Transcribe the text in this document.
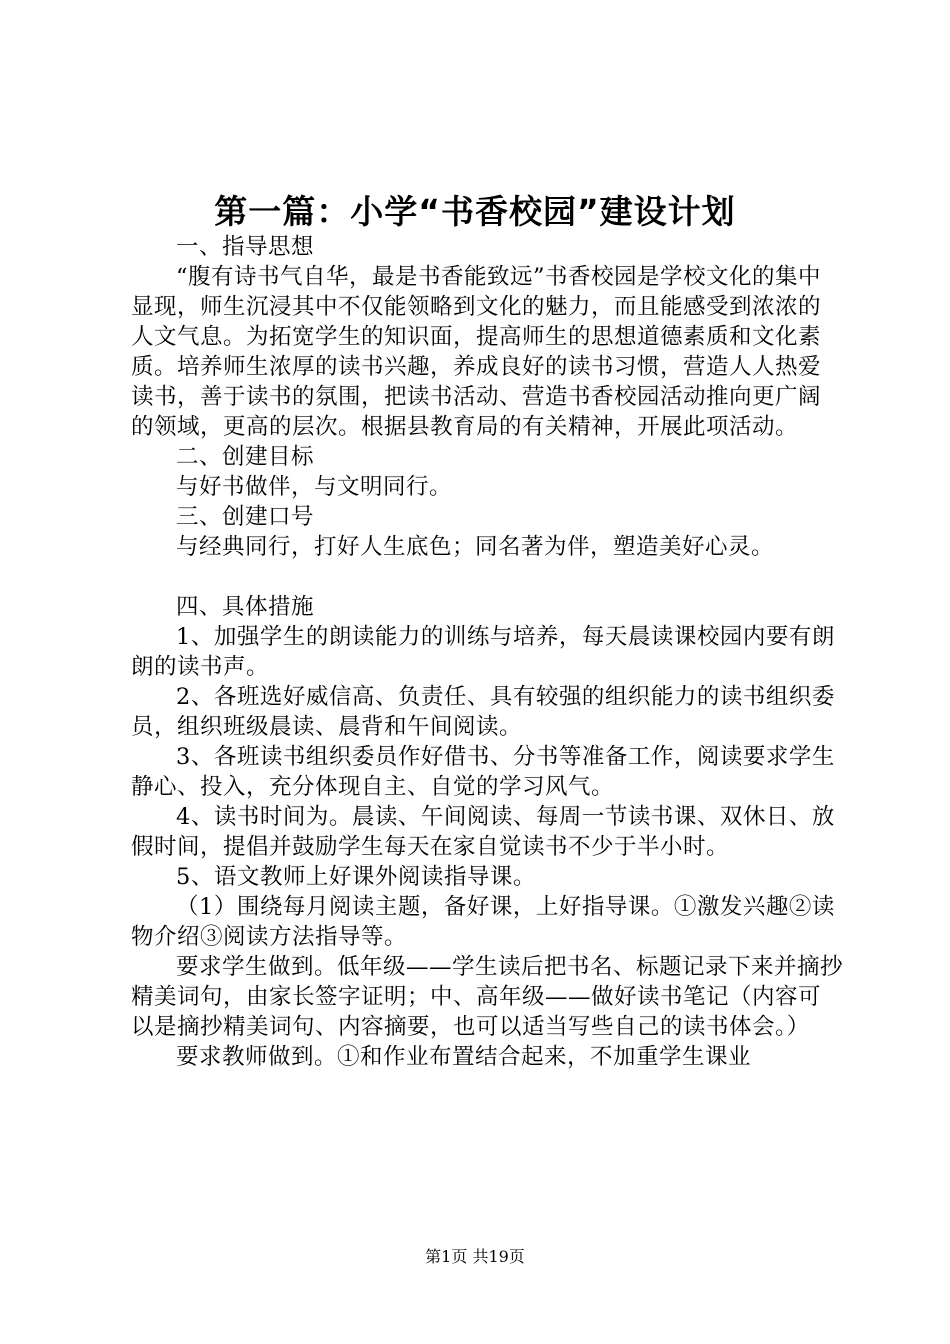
第一篇：小学“书香校园”建设计划

一、指导思想

“腹有诗书气自华，最是书香能致远”书香校园是学校文化的集中显现，师生沉浸其中不仅能领略到文化的魅力，而且能感受到浓浓的人文气息。为拓宽学生的知识面，提高师生的思想道德素质和文化素质。培养师生浓厚的读书兴趣，养成良好的读书习惯，营造人人热爱读书，善于读书的氛围，把读书活动、营造书香校园活动推向更广阔的领域，更高的层次。根据县教育局的有关精神，开展此项活动。

二、创建目标

与好书做伴，与文明同行。

三、创建口号

与经典同行，打好人生底色；同名著为伴，塑造美好心灵。

四、具体措施

1、加强学生的朗读能力的训练与培养，每天晨读课校园内要有朗朗的读书声。

2、各班选好威信高、负责任、具有较强的组织能力的读书组织委员，组织班级晨读、晨背和午间阅读。

3、各班读书组织委员作好借书、分书等准备工作，阅读要求学生静心、投入，充分体现自主、自觉的学习风气。

4、读书时间为。晨读、午间阅读、每周一节读书课、双休日、放假时间，提倡并鼓励学生每天在家自觉读书不少于半小时。

5、语文教师上好课外阅读指导课。

（1）围绕每月阅读主题，备好课，上好指导课。①激发兴趣②读物介绍③阅读方法指导等。

要求学生做到。低年级——学生读后把书名、标题记录下来并摘抄精美词句，由家长签字证明；中、高年级——做好读书笔记（内容可以是摘抄精美词句、内容摘要，也可以适当写些自己的读书体会。）

要求教师做到。①和作业布置结合起来，不加重学生课业

第1页 共19页
